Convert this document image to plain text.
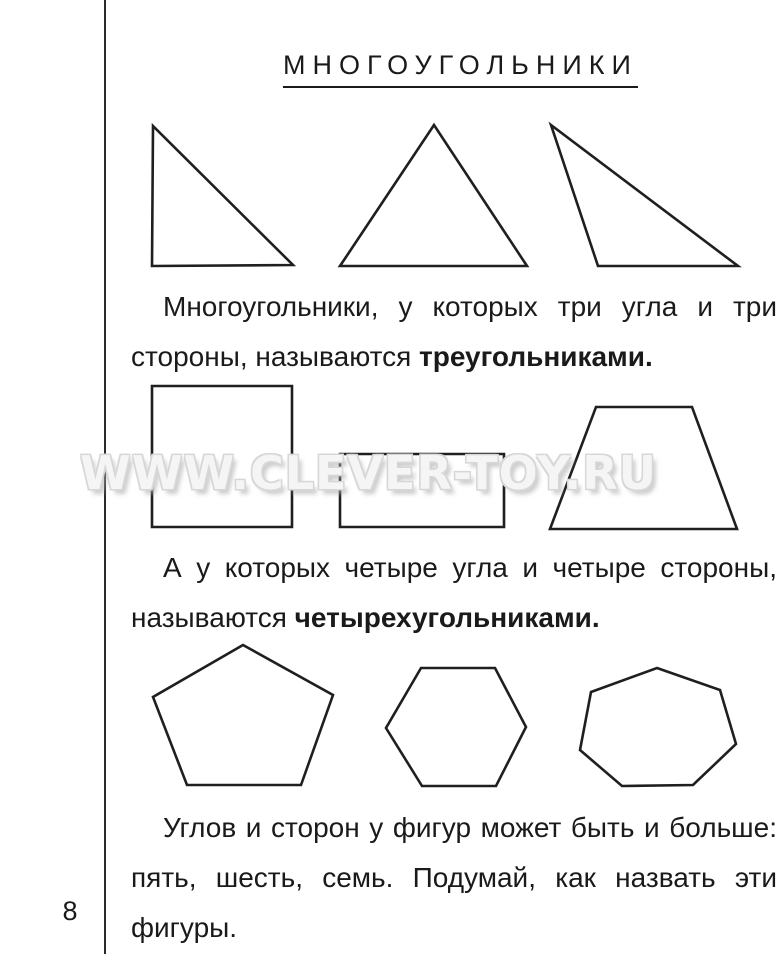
8
МНОГОУГОЛЬНИКИ
WWW.CLEVER-TOY.RU
Многоугольники, у которых три угла и три
стороны, называются треугольниками.
А у которых четыре угла и четыре стороны,
называются четырехугольниками.
Углов и сторон у фигур может быть и больше:
пять, шесть, семь. Подумай, как назвать эти
фигуры.
